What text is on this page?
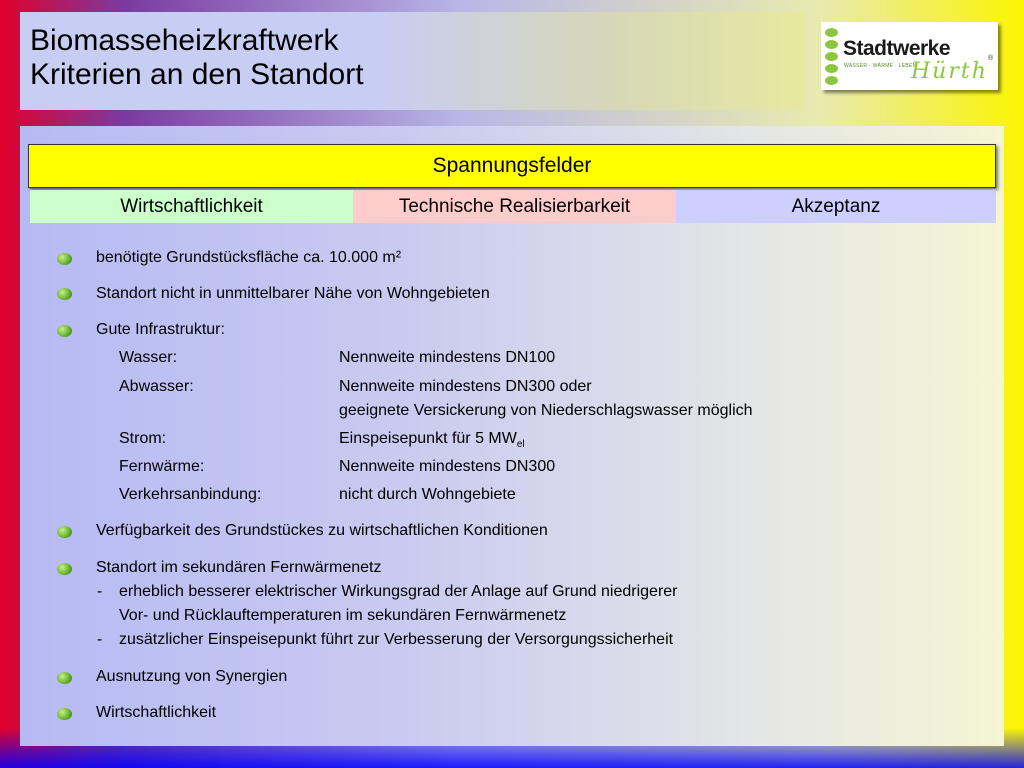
Biomasseheizkraftwerk
Kriterien an den Standort
Stadtwerke
WASSER · WÄRME · LEBEN
Hürth
®
Spannungsfelder
Wirtschaftlichkeit	Technische Realisierbarkeit	Akzeptanz
benötigte Grundstücksfläche ca. 10.000 m²
Standort nicht in unmittelbarer Nähe von Wohngebieten
Gute Infrastruktur:
Wasser:	Nennweite mindestens DN100
Abwasser:	Nennweite mindestens DN300 oder
geeignete Versickerung von Niederschlagswasser möglich
Strom:	Einspeisepunkt für 5 $MW_{el}$
Fernwärme:	Nennweite mindestens DN300
Verkehrsanbindung:	nicht durch Wohngebiete
Verfügbarkeit des Grundstückes zu wirtschaftlichen Konditionen
Standort im sekundären Fernwärmenetz
- erheblich besserer elektrischer Wirkungsgrad der Anlage auf Grund niedrigerer
Vor- und Rücklauftemperaturen im sekundären Fernwärmenetz
- zusätzlicher Einspeisepunkt führt zur Verbesserung der Versorgungssicherheit
Ausnutzung von Synergien
Wirtschaftlichkeit
